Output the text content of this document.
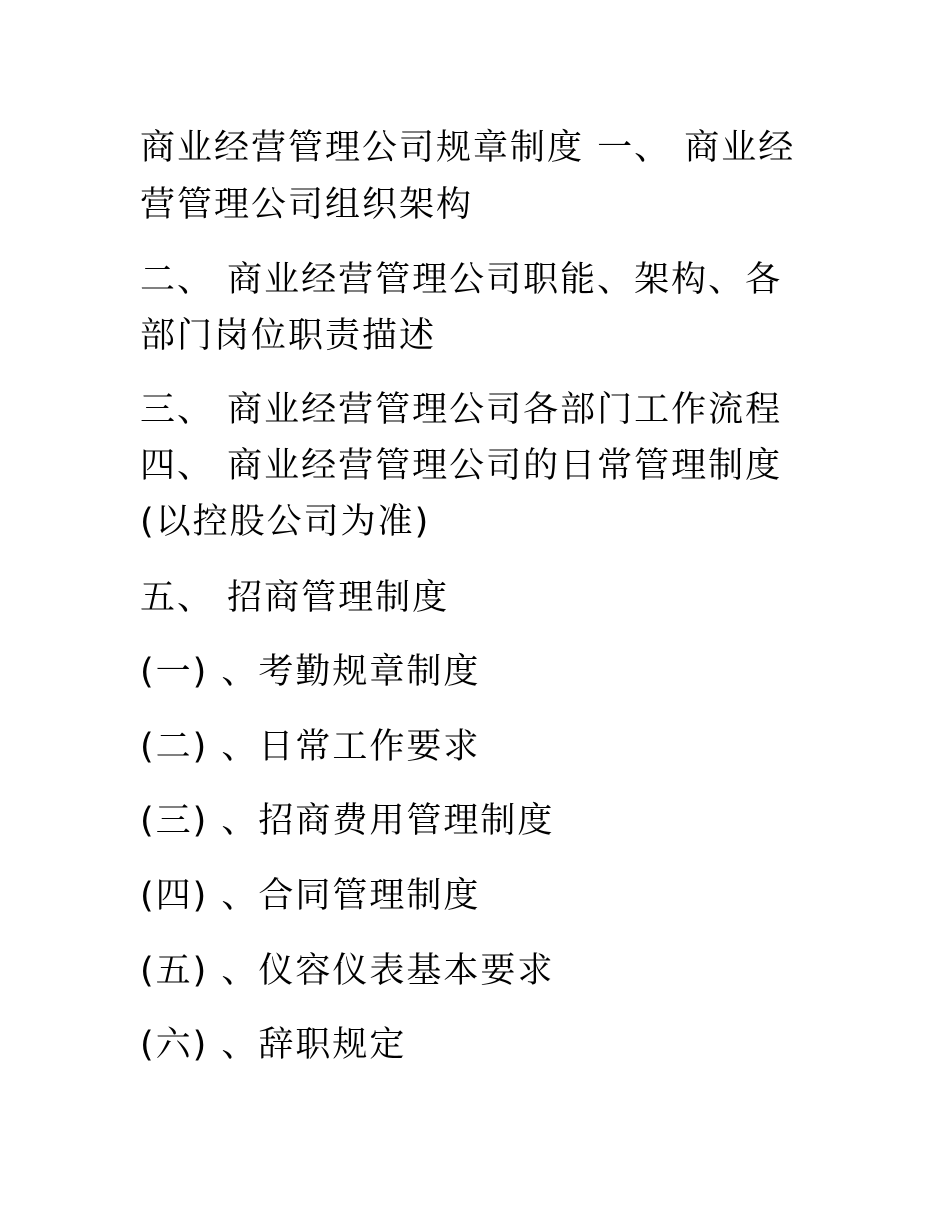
商业经营管理公司规章制度 一、 商业经
营管理公司组织架构
二、 商业经营管理公司职能、架构、各
部门岗位职责描述
三、 商业经营管理公司各部门工作流程
四、 商业经营管理公司的日常管理制度
(以控股公司为准)
五、 招商管理制度
(一) 、考勤规章制度
(二) 、日常工作要求
(三) 、招商费用管理制度
(四) 、合同管理制度
(五) 、仪容仪表基本要求
(六) 、辞职规定
